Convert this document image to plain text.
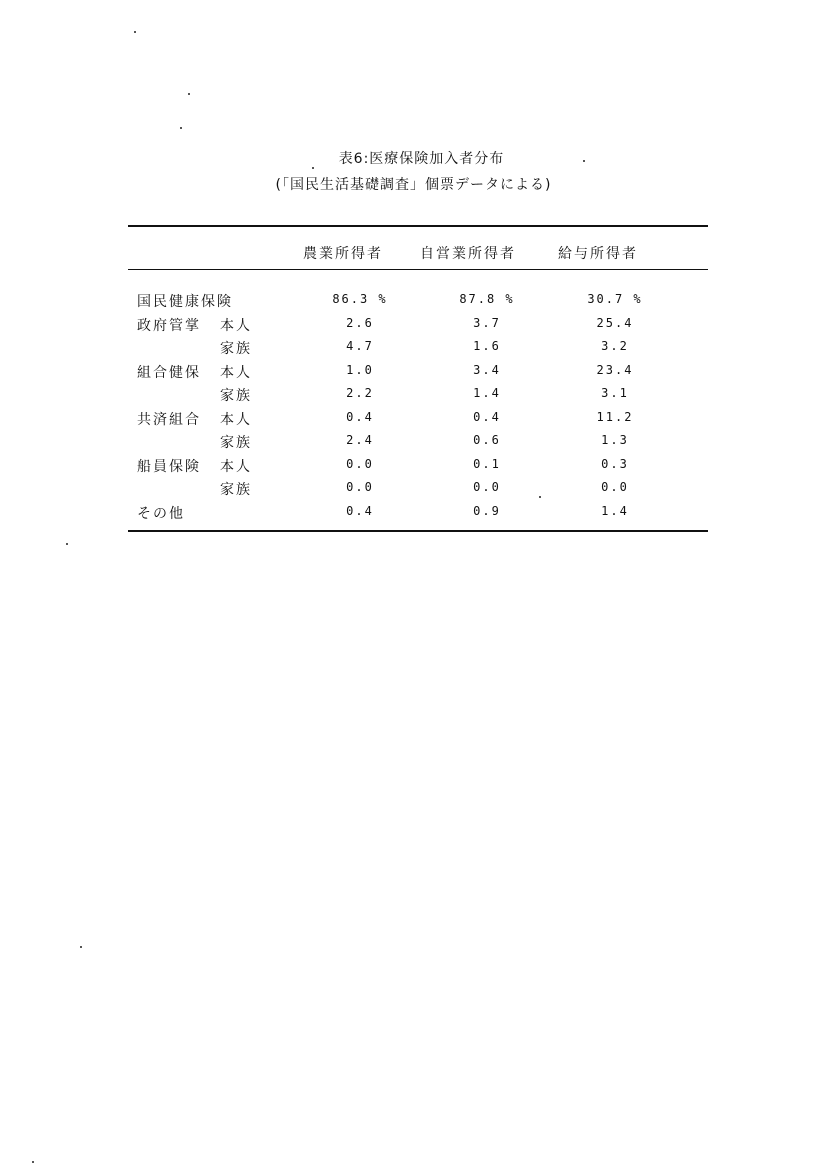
表6:医療保険加入者分布
(「国民生活基礎調査」個票データによる)
農業所得者	自営業所得者	給与所得者
国民健康保険	86.3 %	87.8 %	30.7 %
政府管掌 本人	2.6	3.7	25.4
家族	4.7	1.6	3.2
組合健保 本人	1.0	3.4	23.4
家族	2.2	1.4	3.1
共済組合 本人	0.4	0.4	11.2
家族	2.4	0.6	1.3
船員保険 本人	0.0	0.1	0.3
家族	0.0	0.0	0.0
その他	0.4	0.9	1.4
